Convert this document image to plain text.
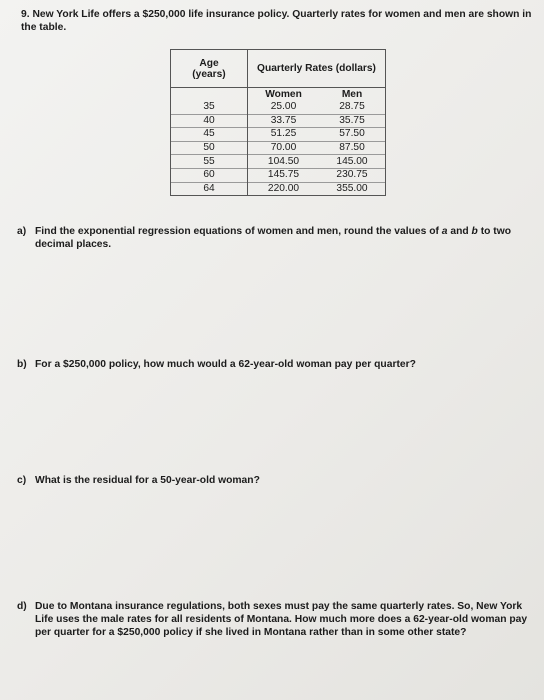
9. New York Life offers a $250,000 life insurance policy. Quarterly rates for women and men are shown in the table.
Age
(years)	Quarterly Rates (dollars)	
	Women	Men
35	25.00	28.75
40	33.75	35.75
45	51.25	57.50
50	70.00	87.50
55	104.50	145.00
60	145.75	230.75
64	220.00	355.00
a) Find the exponential regression equations of women and men, round the values of a and b to two decimal places.
b) For a $250,000 policy, how much would a 62-year-old woman pay per quarter?
c) What is the residual for a 50-year-old woman?
d) Due to Montana insurance regulations, both sexes must pay the same quarterly rates. So, New York Life uses the male rates for all residents of Montana. How much more does a 62-year-old woman pay per quarter for a $250,000 policy if she lived in Montana rather than in some other state?
